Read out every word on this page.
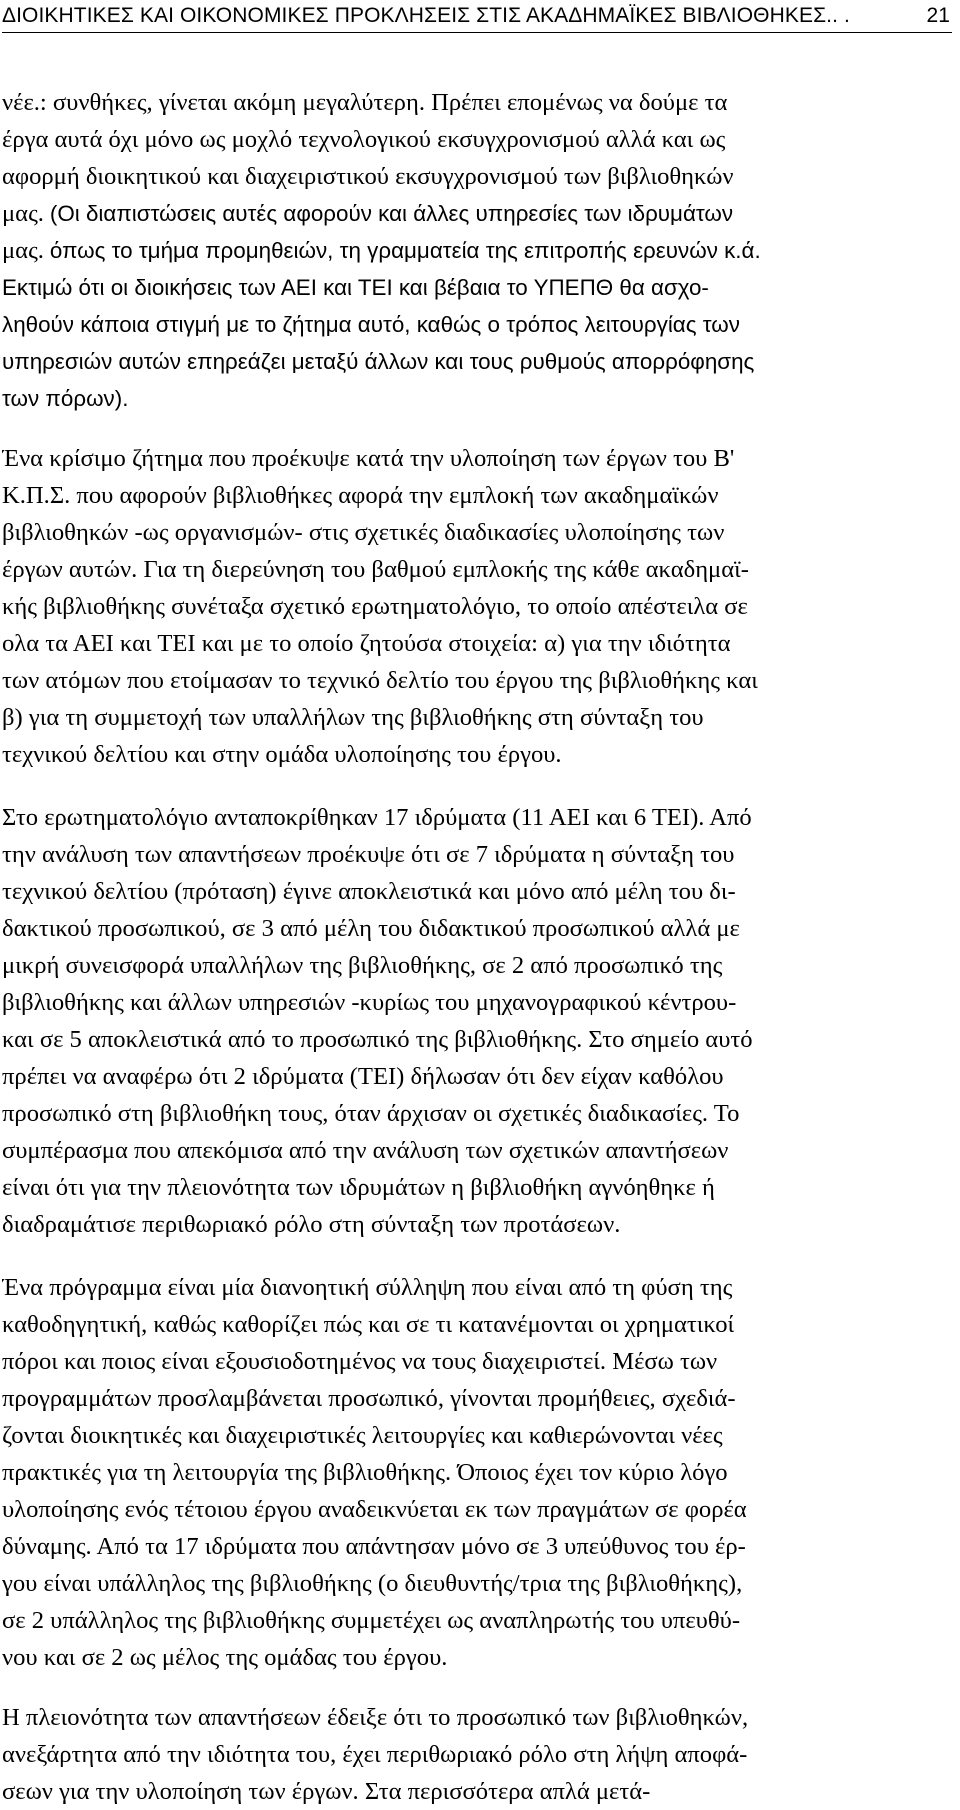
ΔΙΟΙΚΗΤΙΚΕΣ ΚΑΙ ΟΙΚΟΝΟΜΙΚΕΣ ΠΡΟΚΛΗΣΕΙΣ ΣΤΙΣ ΑΚΑΔΗΜΑΪΚΕΣ ΒΙΒΛΙΟΘΗΚΕΣ.. .	21
νέε.: συνθήκες, γίνεται ακόμη μεγαλύτερη. Πρέπει επομένως να δούμε τα
έργα αυτά όχι μόνο ως μοχλό τεχνολογικού εκσυγχρονισμού αλλά και ως
αφορμή διοικητικού και διαχειριστικού εκσυγχρονισμού των βιβλιοθηκών
μας. (Οι διαπιστώσεις αυτές αφορούν και άλλες υπηρεσίες των ιδρυμάτων
μας. όπως το τμήμα προμηθειών, τη γραμματεία της επιτροπής ερευνών κ.ά.
Εκτιμώ ότι οι διοικήσεις των ΑΕΙ και ΤΕΙ και βέβαια το ΥΠΕΠΘ θα ασχο-
ληθούν κάποια στιγμή με το ζήτημα αυτό, καθώς ο τρόπος λειτουργίας των
υπηρεσιών αυτών επηρεάζει μεταξύ άλλων και τους ρυθμούς απορρόφησης
των πόρων).
Ένα κρίσιμο ζήτημα που προέκυψε κατά την υλοποίηση των έργων του Β'
Κ.Π.Σ. που αφορούν βιβλιοθήκες αφορά την εμπλοκή των ακαδημαϊκών
βιβλιοθηκών -ως οργανισμών- στις σχετικές διαδικασίες υλοποίησης των
έργων αυτών. Για τη διερεύνηση του βαθμού εμπλοκής της κάθε ακαδημαϊ-
κής βιβλιοθήκης συνέταξα σχετικό ερωτηματολόγιο, το οποίο απέστειλα σε
ολα τα ΑΕΙ και ΤΕΙ και με το οποίο ζητούσα στοιχεία: α) για την ιδιότητα
των ατόμων που ετοίμασαν το τεχνικό δελτίο του έργου της βιβλιοθήκης και
β) για τη συμμετοχή των υπαλλήλων της βιβλιοθήκης στη σύνταξη του
τεχνικού δελτίου και στην ομάδα υλοποίησης του έργου.
Στο ερωτηματολόγιο ανταποκρίθηκαν 17 ιδρύματα (11 ΑΕΙ και 6 ΤΕΙ). Από
την ανάλυση των απαντήσεων προέκυψε ότι σε 7 ιδρύματα η σύνταξη του
τεχνικού δελτίου (πρόταση) έγινε αποκλειστικά και μόνο από μέλη του δι-
δακτικού προσωπικού, σε 3 από μέλη του διδακτικού προσωπικού αλλά με
μικρή συνεισφορά υπαλλήλων της βιβλιοθήκης, σε 2 από προσωπικό της
βιβλιοθήκης και άλλων υπηρεσιών -κυρίως του μηχανογραφικού κέντρου-
και σε 5 αποκλειστικά από το προσωπικό της βιβλιοθήκης. Στο σημείο αυτό
πρέπει να αναφέρω ότι 2 ιδρύματα (ΤΕΙ) δήλωσαν ότι δεν είχαν καθόλου
προσωπικό στη βιβλιοθήκη τους, όταν άρχισαν οι σχετικές διαδικασίες. Το
συμπέρασμα που απεκόμισα από την ανάλυση των σχετικών απαντήσεων
είναι ότι για την πλειονότητα των ιδρυμάτων η βιβλιοθήκη αγνόηθηκε ή
διαδραμάτισε περιθωριακό ρόλο στη σύνταξη των προτάσεων.
Ένα πρόγραμμα είναι μία διανοητική σύλληψη που είναι από τη φύση της
καθοδηγητική, καθώς καθορίζει πώς και σε τι κατανέμονται οι χρηματικοί
πόροι και ποιος είναι εξουσιοδοτημένος να τους διαχειριστεί. Μέσω των
προγραμμάτων προσλαμβάνεται προσωπικό, γίνονται προμήθειες, σχεδιά-
ζονται διοικητικές και διαχειριστικές λειτουργίες και καθιερώνονται νέες
πρακτικές για τη λειτουργία της βιβλιοθήκης. Όποιος έχει τον κύριο λόγο
υλοποίησης ενός τέτοιου έργου αναδεικνύεται εκ των πραγμάτων σε φορέα
δύναμης. Από τα 17 ιδρύματα που απάντησαν μόνο σε 3 υπεύθυνος του έρ-
γου είναι υπάλληλος της βιβλιοθήκης (ο διευθυντής/τρια της βιβλιοθήκης),
σε 2 υπάλληλος της βιβλιοθήκης συμμετέχει ως αναπληρωτής του υπευθύ-
νου και σε 2 ως μέλος της ομάδας του έργου.
Η πλειονότητα των απαντήσεων έδειξε ότι το προσωπικό των βιβλιοθηκών,
ανεξάρτητα από την ιδιότητα του, έχει περιθωριακό ρόλο στη λήψη αποφά-
σεων για την υλοποίηση των έργων. Στα περισσότερα απλά μετά-
